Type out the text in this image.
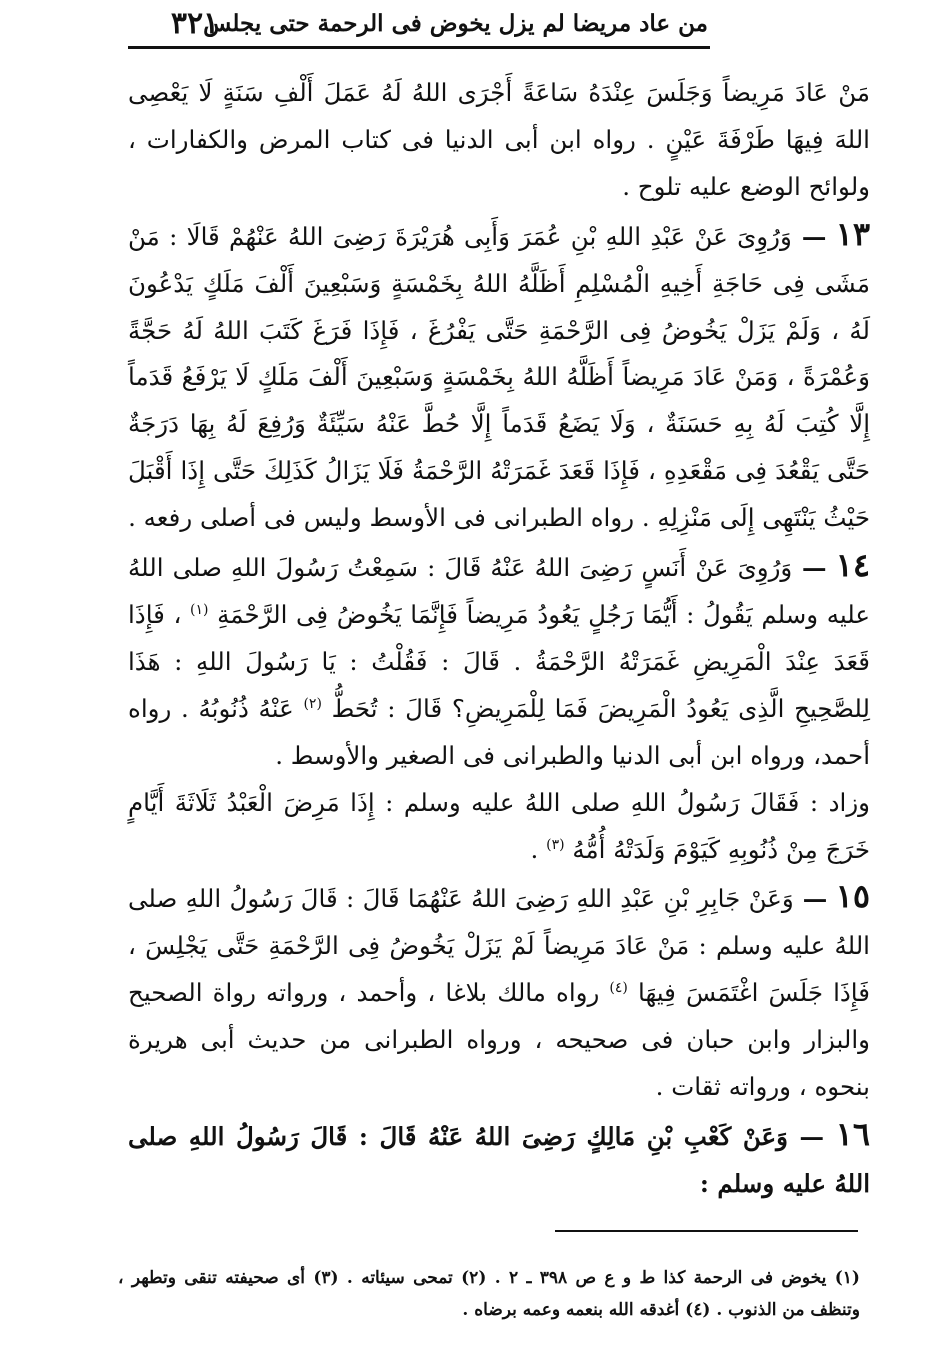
٣٢١
من عاد مريضا لم يزل يخوض فى الرحمة حتى يجلس

مَنْ عَادَ مَرِيضاً وَجَلَسَ عِنْدَهُ سَاعَةً أَجْرَى اللهُ لَهُ عَمَلَ أَلْفِ سَنَةٍ لَا يَعْصِى اللهَ فِيهَا طَرْفَةَ عَيْنٍ . رواه ابن أبى الدنيا فى كتاب المرض والكفارات ، ولوائح الوضع عليه تلوح .

١٣ — وَرُوِىَ عَنْ عَبْدِ اللهِ بْنِ عُمَرَ وَأَبِى هُرَيْرَةَ رَضِىَ اللهُ عَنْهُمْ قَالَا : مَنْ مَشَى فِى حَاجَةِ أَخِيهِ الْمُسْلِمِ أَظَلَّهُ اللهُ بِخَمْسَةٍ وَسَبْعِينَ أَلْفَ مَلَكٍ يَدْعُونَ لَهُ ، وَلَمْ يَزَلْ يَخُوضُ فِى الرَّحْمَةِ حَتَّى يَفْرُغَ ، فَإِذَا فَرَغَ كَتَبَ اللهُ لَهُ حَجَّةً وَعُمْرَةً ، وَمَنْ عَادَ مَرِيضاً أَظَلَّهُ اللهُ بِخَمْسَةٍ وَسَبْعِينَ أَلْفَ مَلَكٍ لَا يَرْفَعُ قَدَماً إِلَّا كُتِبَ لَهُ بِهِ حَسَنَةٌ ، وَلَا يَضَعُ قَدَماً إِلَّا حُطَّ عَنْهُ سَيِّئَةٌ وَرُفِعَ لَهُ بِهَا دَرَجَةٌ حَتَّى يَقْعُدَ فِى مَقْعَدِهِ ، فَإِذَا قَعَدَ غَمَرَتْهُ الرَّحْمَةُ فَلَا يَزَالُ كَذَلِكَ حَتَّى إِذَا أَقْبَلَ حَيْثُ يَنْتَهِى إِلَى مَنْزِلِهِ . رواه الطبرانى فى الأوسط وليس فى أصلى رفعه .

١٤ — وَرُوِىَ عَنْ أَنَسٍ رَضِىَ اللهُ عَنْهُ قَالَ : سَمِعْتُ رَسُولَ اللهِ صلى اللهُ عليه وسلم يَقُولُ : أَيُّمَا رَجُلٍ يَعُودُ مَرِيضاً فَإِنَّمَا يَخُوضُ فِى الرَّحْمَةِ $^{(١)}$ ، فَإِذَا قَعَدَ عِنْدَ الْمَرِيضِ غَمَرَتْهُ الرَّحْمَةُ . قَالَ : فَقُلْتُ : يَا رَسُولَ اللهِ : هَذَا لِلصَّحِيحِ الَّذِى يَعُودُ الْمَرِيضَ فَمَا لِلْمَرِيضِ؟ قَالَ : تُحَطُّ $^{(٢)}$ عَنْهُ ذُنُوبُهُ . رواه أحمد، ورواه ابن أبى الدنيا والطبرانى فى الصغير والأوسط .

وزاد : فَقَالَ رَسُولُ اللهِ صلى اللهُ عليه وسلم : إِذَا مَرِضَ الْعَبْدُ ثَلَاثَةَ أَيَّامٍ خَرَجَ مِنْ ذُنُوبِهِ كَيَوْمَ وَلَدَتْهُ أُمُّهُ $^{(٣)}$ .

١٥ — وَعَنْ جَابِرِ بْنِ عَبْدِ اللهِ رَضِىَ اللهُ عَنْهُمَا قَالَ : قَالَ رَسُولُ اللهِ صلى اللهُ عليه وسلم : مَنْ عَادَ مَرِيضاً لَمْ يَزَلْ يَخُوضُ فِى الرَّحْمَةِ حَتَّى يَجْلِسَ ، فَإِذَا جَلَسَ اغْتَمَسَ فِيهَا $^{(٤)}$ رواه مالك بلاغا ، وأحمد ، ورواته رواة الصحيح والبزار وابن حبان فى صحيحه ، ورواه الطبرانى من حديث أبى هريرة بنحوه ، ورواته ثقات .

١٦ — وَعَنْ كَعْبِ بْنِ مَالِكٍ رَضِىَ اللهُ عَنْهُ قَالَ : قَالَ رَسُولُ اللهِ صلى اللهُ عليه وسلم :

(١) يخوض فى الرحمة كذا ط و ع ص ٣٩٨ ـ ٢ . (٢) تمحى سيئاته . (٣) أى صحيفته تنقى وتطهر ، وتنظف من الذنوب . (٤) أغدقه الله بنعمه وعمه برضاه .
